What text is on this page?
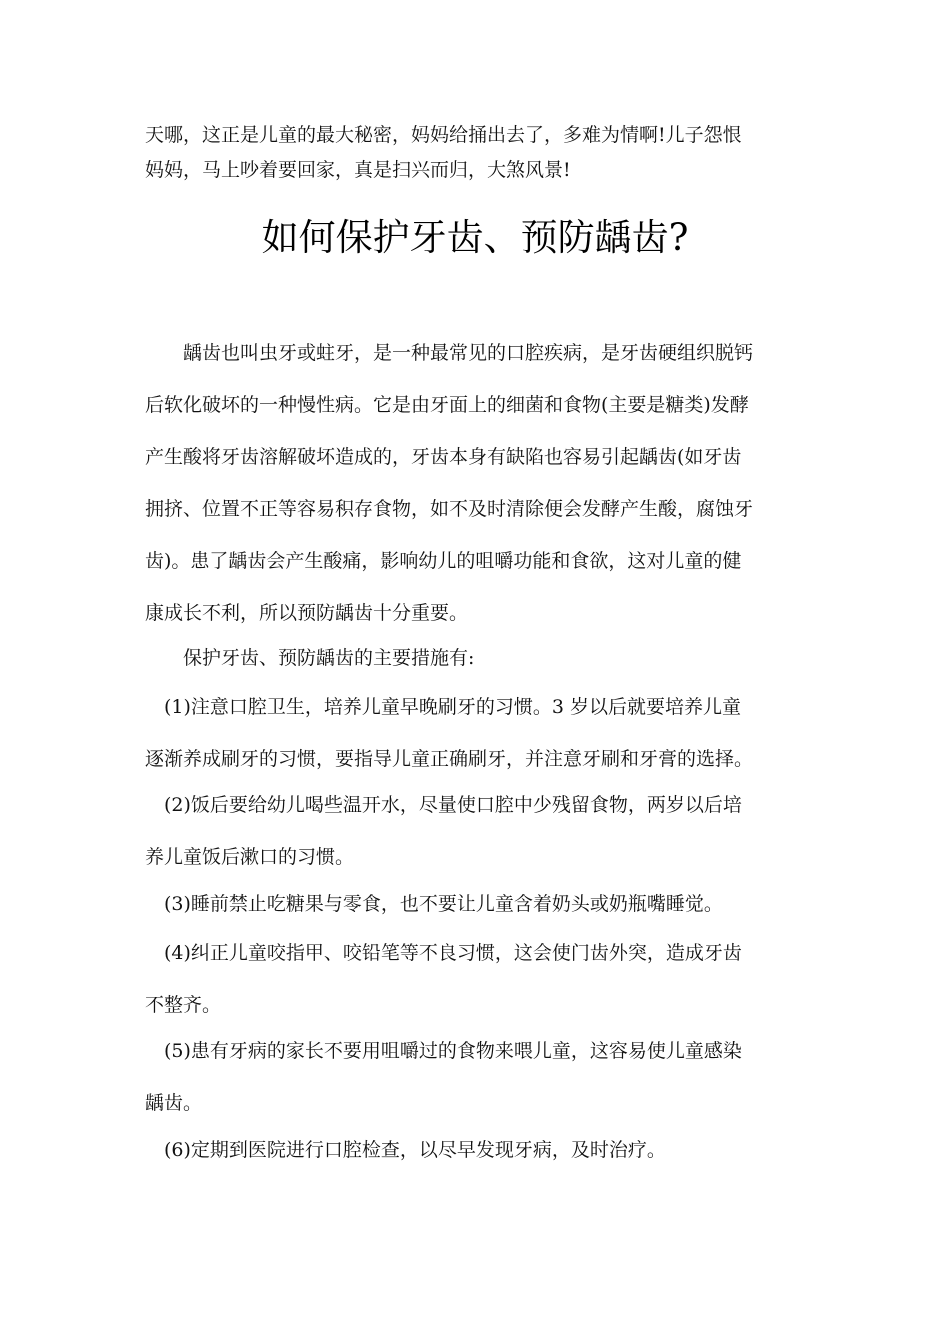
天哪，这正是儿童的最大秘密，妈妈给捅出去了，多难为情啊!儿子怨恨
妈妈，马上吵着要回家，真是扫兴而归，大煞风景!
如何保护牙齿、预防龋齿?
　　龋齿也叫虫牙或蛀牙，是一种最常见的口腔疾病，是牙齿硬组织脱钙
后软化破坏的一种慢性病。它是由牙面上的细菌和食物(主要是糖类)发酵
产生酸将牙齿溶解破坏造成的，牙齿本身有缺陷也容易引起龋齿(如牙齿
拥挤、位置不正等容易积存食物，如不及时清除便会发酵产生酸，腐蚀牙
齿)。患了龋齿会产生酸痛，影响幼儿的咀嚼功能和食欲，这对儿童的健
康成长不利，所以预防龋齿十分重要。
　　保护牙齿、预防龋齿的主要措施有:
　(1)注意口腔卫生，培养儿童早晚刷牙的习惯。3 岁以后就要培养儿童
逐渐养成刷牙的习惯，要指导儿童正确刷牙，并注意牙刷和牙膏的选择。
　(2)饭后要给幼儿喝些温开水，尽量使口腔中少残留食物，两岁以后培
养儿童饭后漱口的习惯。
　(3)睡前禁止吃糖果与零食，也不要让儿童含着奶头或奶瓶嘴睡觉。
　(4)纠正儿童咬指甲、咬铅笔等不良习惯，这会使门齿外突，造成牙齿
不整齐。
　(5)患有牙病的家长不要用咀嚼过的食物来喂儿童，这容易使儿童感染
龋齿。
　(6)定期到医院进行口腔检查，以尽早发现牙病，及时治疗。
